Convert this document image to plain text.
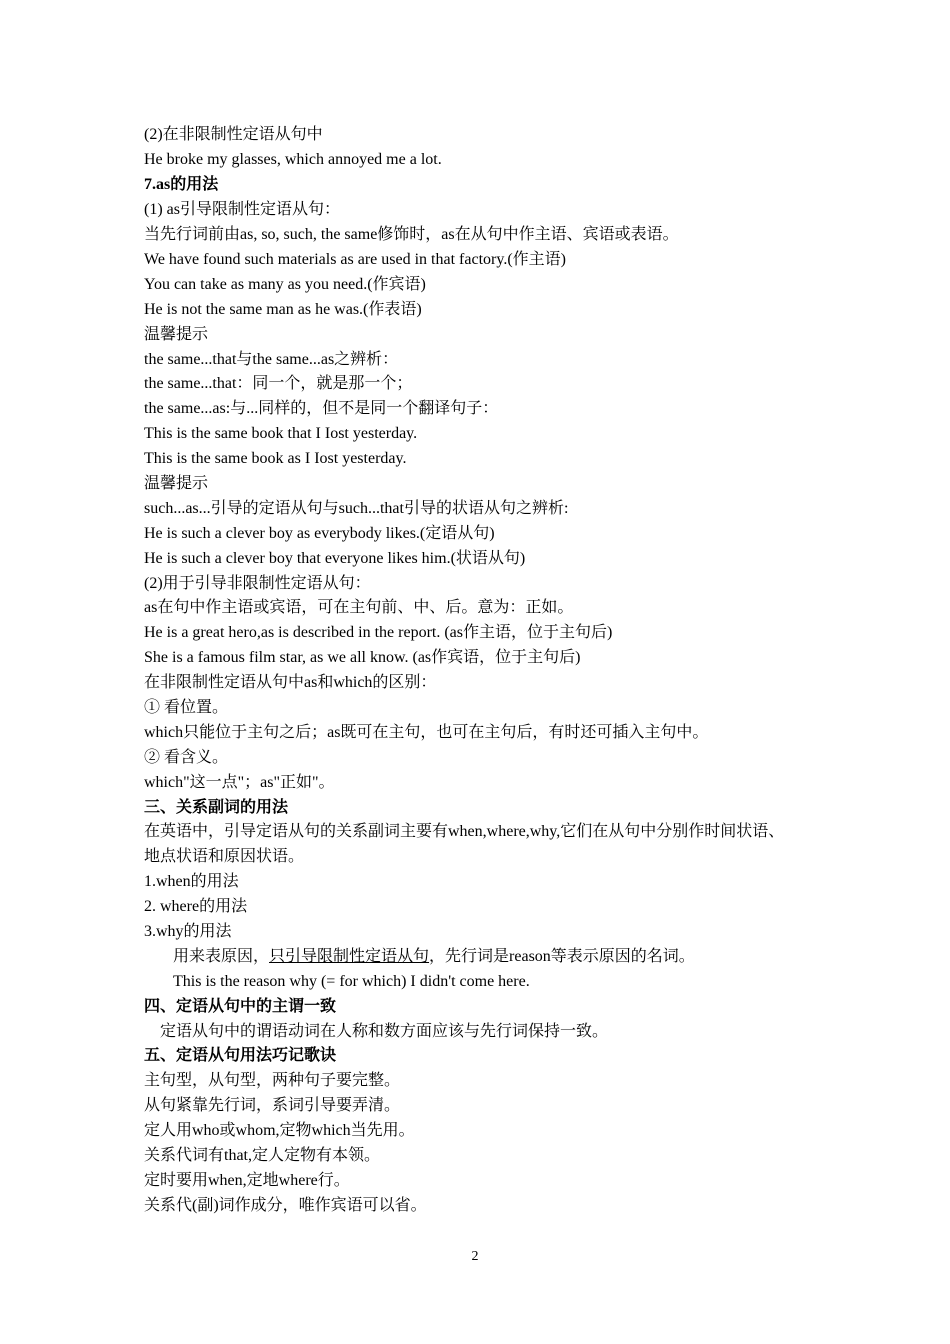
(2)在非限制性定语从句中
He broke my glasses, which annoyed me a lot.
7.as的用法
(1) as引导限制性定语从句：
当先行词前由as, so, such, the same修饰时，as在从句中作主语、宾语或表语。
We have found such materials as are used in that factory.(作主语)
You can take as many as you need.(作宾语)
He is not the same man as he was.(作表语)
温馨提示
the same...that与the same...as之辨析：
the same...that：同一个，就是那一个；
the same...as:与...同样的，但不是同一个翻译句子：
This is the same book that I Iost yesterday.
This is the same book as I Iost yesterday.
温馨提示
such...as...引导的定语从句与such...that引导的状语从句之辨析:
He is such a clever boy as everybody likes.(定语从句)
He is such a clever boy that everyone likes him.(状语从句)
(2)用于引导非限制性定语从句：
as在句中作主语或宾语，可在主句前、中、后。意为：正如。
He is a great hero,as is described in the report. (as作主语，位于主句后)
She is a famous film star, as we all know. (as作宾语，位于主句后)
在非限制性定语从句中as和which的区别：
① 看位置。
which只能位于主句之后；as既可在主句，也可在主句后，有时还可插入主句中。
② 看含义。
which"这一点"；as"正如"。
三、关系副词的用法
在英语中，引导定语从句的关系副词主要有when,where,why,它们在从句中分别作时间状语、
地点状语和原因状语。
1.when的用法
2. where的用法
3.why的用法
用来表原因，只引导限制性定语从句，先行词是reason等表示原因的名词。
This is the reason why (= for which) I didn't come here.
四、定语从句中的主谓一致
定语从句中的谓语动词在人称和数方面应该与先行词保持一致。
五、定语从句用法巧记歌诀
主句型，从句型，两种句子要完整。
从句紧靠先行词，系词引导要弄清。
定人用who或whom,定物which当先用。
关系代词有that,定人定物有本领。
定时要用when,定地where行。
关系代(副)词作成分，唯作宾语可以省。
2
